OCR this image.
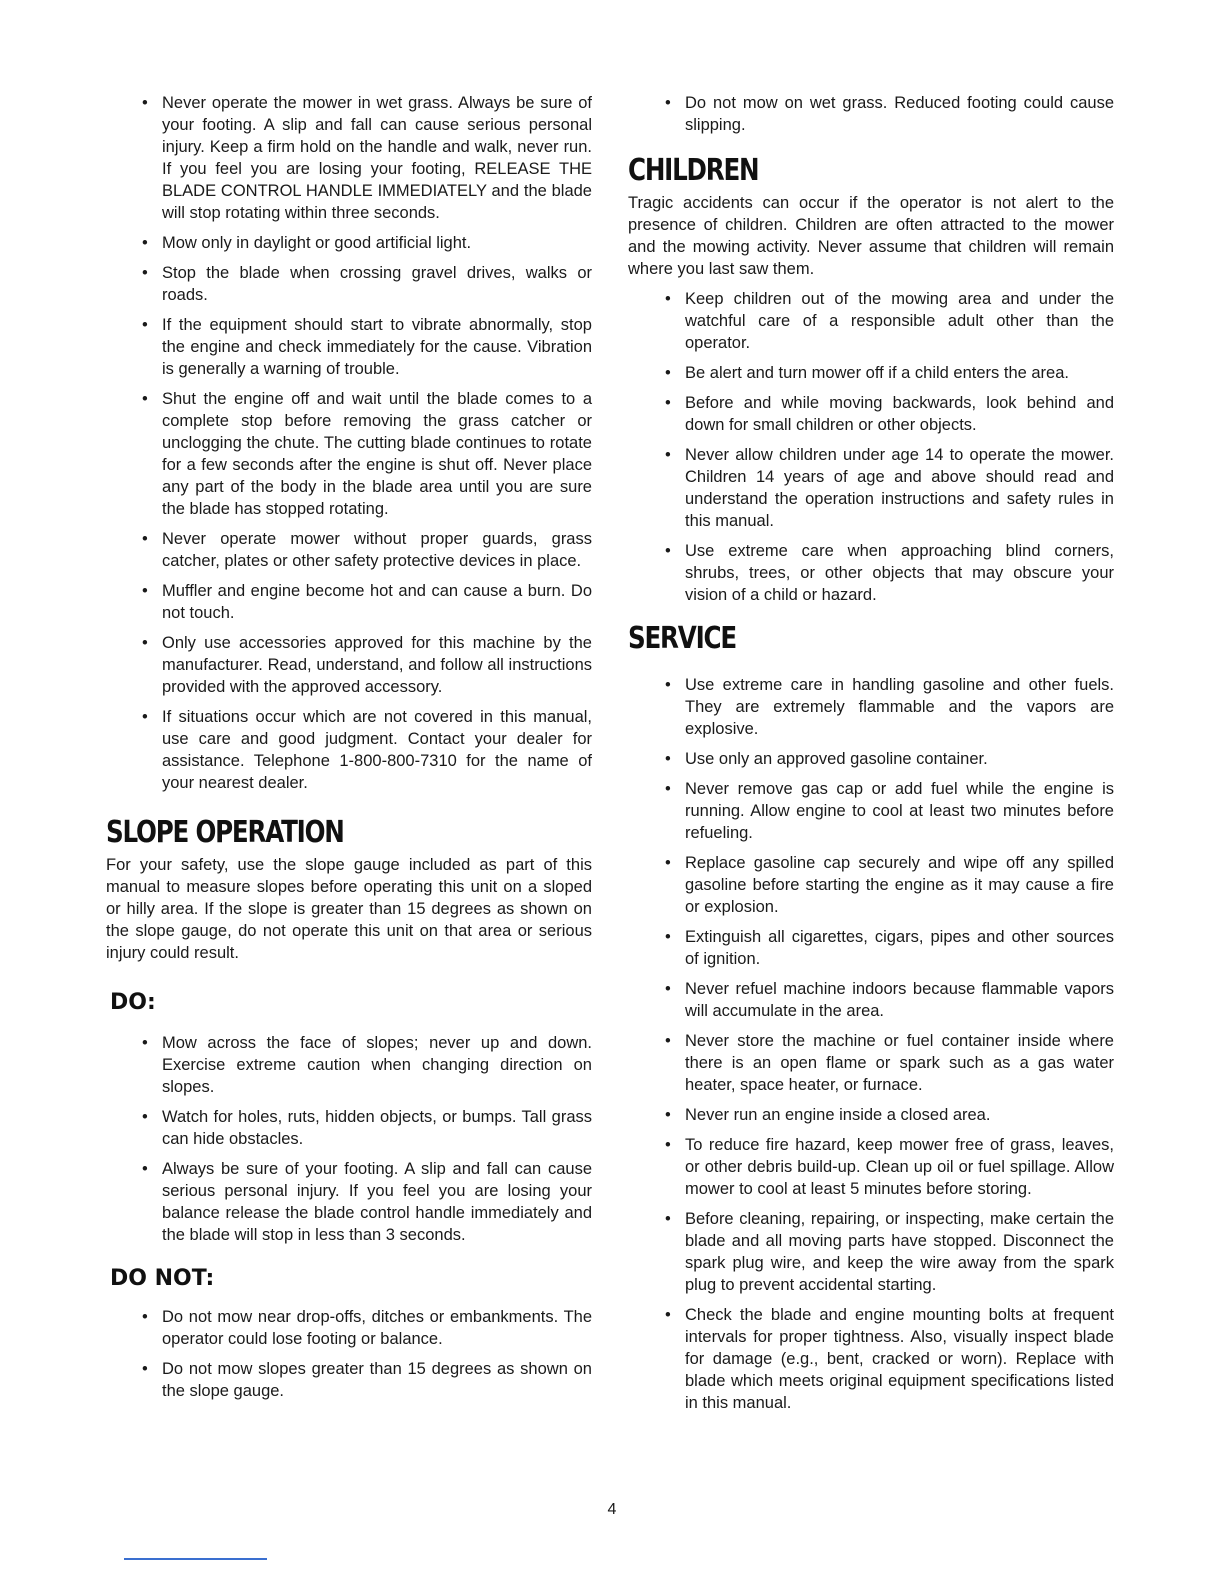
• Never operate the mower in wet grass. Always be sure of your footing. A slip and fall can cause serious personal injury. Keep a firm hold on the handle and walk, never run. If you feel you are losing your footing, RELEASE THE BLADE CONTROL HANDLE IMMEDIATELY and the blade will stop rotating within three seconds.
• Mow only in daylight or good artificial light.
• Stop the blade when crossing gravel drives, walks or roads.
• If the equipment should start to vibrate abnormally, stop the engine and check immediately for the cause. Vibration is generally a warning of trouble.
• Shut the engine off and wait until the blade comes to a complete stop before removing the grass catcher or unclogging the chute. The cutting blade continues to rotate for a few seconds after the engine is shut off. Never place any part of the body in the blade area until you are sure the blade has stopped rotating.
• Never operate mower without proper guards, grass catcher, plates or other safety protective devices in place.
• Muffler and engine become hot and can cause a burn. Do not touch.
• Only use accessories approved for this machine by the manufacturer. Read, understand, and follow all instructions provided with the approved accessory.
• If situations occur which are not covered in this manual, use care and good judgment. Contact your dealer for assistance. Telephone 1-800-800-7310 for the name of your nearest dealer.
SLOPE OPERATION

For your safety, use the slope gauge included as part of this manual to measure slopes before operating this unit on a sloped or hilly area. If the slope is greater than 15 degrees as shown on the slope gauge, do not operate this unit on that area or serious injury could result.

DO:
• Mow across the face of slopes; never up and down. Exercise extreme caution when changing direction on slopes.
• Watch for holes, ruts, hidden objects, or bumps. Tall grass can hide obstacles.
• Always be sure of your footing. A slip and fall can cause serious personal injury. If you feel you are losing your balance release the blade control handle immediately and the blade will stop in less than 3 seconds.
DO NOT:
• Do not mow near drop-offs, ditches or embankments. The operator could lose footing or balance.
• Do not mow slopes greater than 15 degrees as shown on the slope gauge.
• Do not mow on wet grass. Reduced footing could cause slipping.
CHILDREN

Tragic accidents can occur if the operator is not alert to the presence of children. Children are often attracted to the mower and the mowing activity. Never assume that children will remain where you last saw them.

• Keep children out of the mowing area and under the watchful care of a responsible adult other than the operator.
• Be alert and turn mower off if a child enters the area.
• Before and while moving backwards, look behind and down for small children or other objects.
• Never allow children under age 14 to operate the mower. Children 14 years of age and above should read and understand the operation instructions and safety rules in this manual.
• Use extreme care when approaching blind corners, shrubs, trees, or other objects that may obscure your vision of a child or hazard.
SERVICE
• Use extreme care in handling gasoline and other fuels. They are extremely flammable and the vapors are explosive.
• Use only an approved gasoline container.
• Never remove gas cap or add fuel while the engine is running. Allow engine to cool at least two minutes before refueling.
• Replace gasoline cap securely and wipe off any spilled gasoline before starting the engine as it may cause a fire or explosion.
• Extinguish all cigarettes, cigars, pipes and other sources of ignition.
• Never refuel machine indoors because flammable vapors will accumulate in the area.
• Never store the machine or fuel container inside where there is an open flame or spark such as a gas water heater, space heater, or furnace.
• Never run an engine inside a closed area.
• To reduce fire hazard, keep mower free of grass, leaves, or other debris build-up. Clean up oil or fuel spillage. Allow mower to cool at least 5 minutes before storing.
• Before cleaning, repairing, or inspecting, make certain the blade and all moving parts have stopped. Disconnect the spark plug wire, and keep the wire away from the spark plug to prevent accidental starting.
• Check the blade and engine mounting bolts at frequent intervals for proper tightness. Also, visually inspect blade for damage (e.g., bent, cracked or worn). Replace with blade which meets original equipment specifications listed in this manual.
4
